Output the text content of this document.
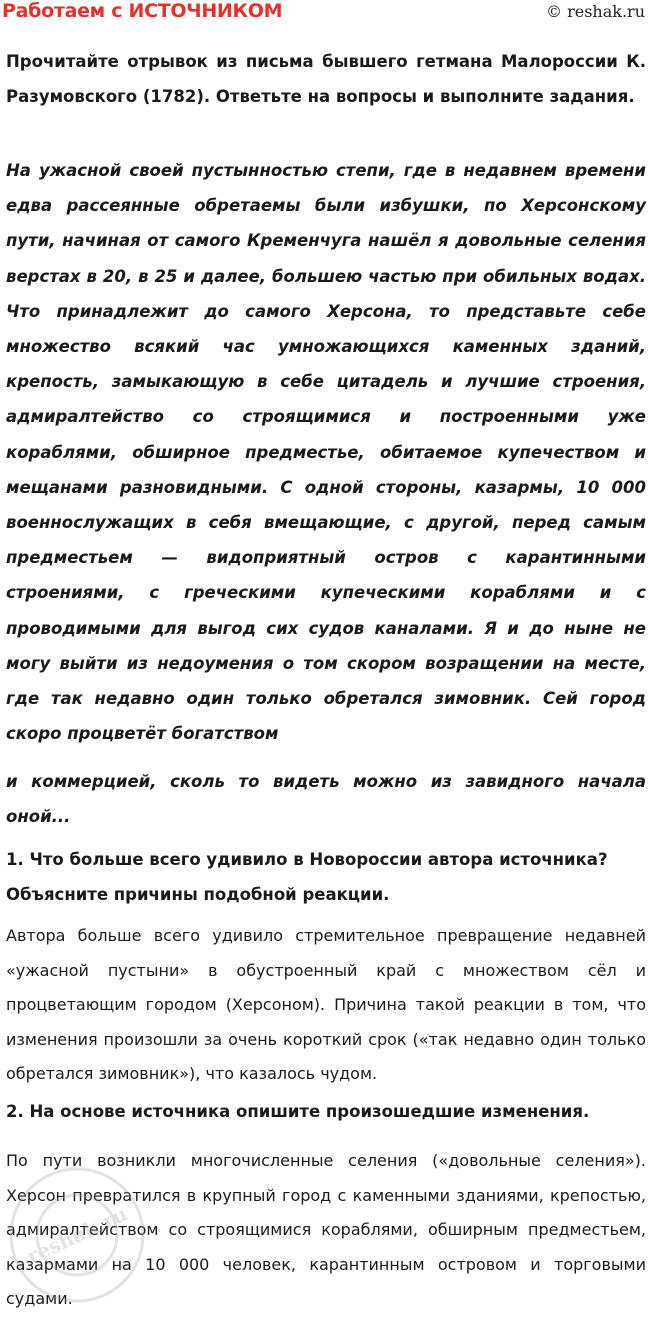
Работаем с ИСТОЧНИКОМ	© reshak.ru
Прочитайте отрывок из письма бывшего гетмана Малороссии К. Разумовского (1782). Ответьте на вопросы и выполните задания.
На ужасной своей пустынностью степи, где в недавнем времени едва рассеянные обретаемы были избушки, по Херсонскому пути, начиная от самого Кременчуга нашёл я довольные селения верстах в 20, в 25 и далее, большею частью при обильных водах. Что принадлежит до самого Херсона, то представьте себе множество всякий час умножающихся каменных зданий, крепость, замыкающую в себе цитадель и лучшие строения, адмиралтейство со строящимися и построенными уже кораблями, обширное предместье, обитаемое купечеством и мещанами разновидными. С одной стороны, казармы, 10 000 военнослужащих в себя вмещающие, с другой, перед самым предместьем — видоприятный остров с карантинными строениями, с греческими купеческими кораблями и с проводимыми для выгод сих судов каналами. Я и до ныне не могу выйти из недоумения о том скором возращении на месте, где так недавно один только обретался зимовник. Сей город скоро процветёт богатством
и коммерцией, сколь то видеть можно из завидного начала оной...
1. Что больше всего удивило в Новороссии автора источника? Объясните причины подобной реакции.
Автора больше всего удивило стремительное превращение недавней «ужасной пустыни» в обустроенный край с множеством сёл и процветающим городом (Херсоном). Причина такой реакции в том, что изменения произошли за очень короткий срок («так недавно один только обретался зимовник»), что казалось чудом.
2. На основе источника опишите произошедшие изменения.
По пути возникли многочисленные селения («довольные селения»). Херсон превратился в крупный город с каменными зданиями, крепостью, адмиралтейством со строящимися кораблями, обширным предместьем, казармами на 10 000 человек, карантинным островом и торговыми судами.
reshak.ru
